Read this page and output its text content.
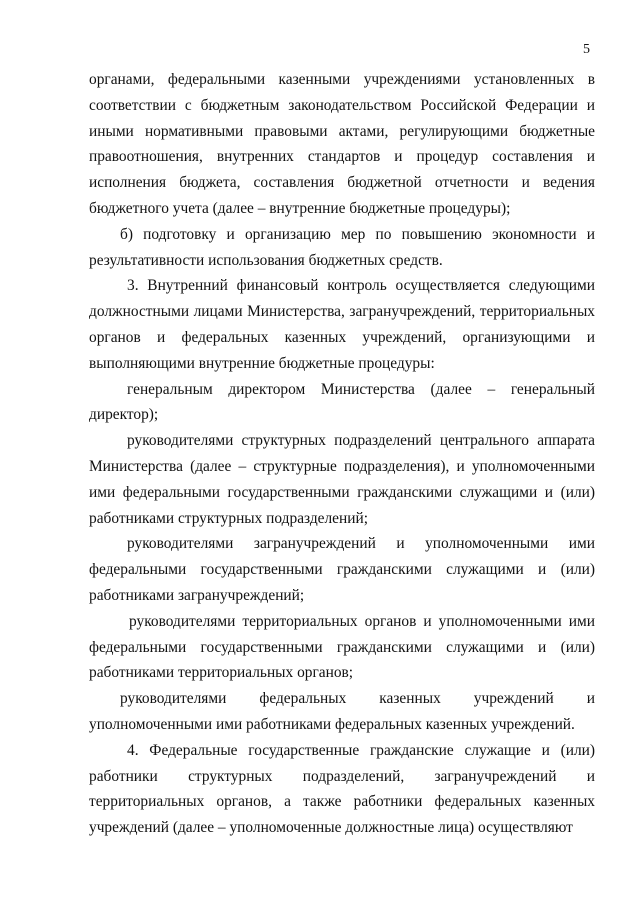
5

органами, федеральными казенными учреждениями установленных в соответствии с бюджетным законодательством Российской Федерации и иными нормативными правовыми актами, регулирующими бюджетные правоотношения, внутренних стандартов и процедур составления и исполнения бюджета, составления бюджетной отчетности и ведения бюджетного учета (далее – внутренние бюджетные процедуры);

б) подготовку и организацию мер по повышению экономности и результативности использования бюджетных средств.

3. Внутренний финансовый контроль осуществляется следующими должностными лицами Министерства, загранучреждений, территориальных органов и федеральных казенных учреждений, организующими и выполняющими внутренние бюджетные процедуры:

генеральным директором Министерства (далее – генеральный директор);

руководителями структурных подразделений центрального аппарата Министерства (далее – структурные подразделения), и уполномоченными ими федеральными государственными гражданскими служащими и (или) работниками структурных подразделений;

руководителями загранучреждений и уполномоченными ими федеральными государственными гражданскими служащими и (или) работниками загранучреждений;

руководителями территориальных органов и уполномоченными ими федеральными государственными гражданскими служащими и (или) работниками территориальных органов;

руководителями федеральных казенных учреждений и уполномоченными ими работниками федеральных казенных учреждений.

4. Федеральные государственные гражданские служащие и (или) работники структурных подразделений, загранучреждений и территориальных органов, а также работники федеральных казенных учреждений (далее – уполномоченные должностные лица) осуществляют
